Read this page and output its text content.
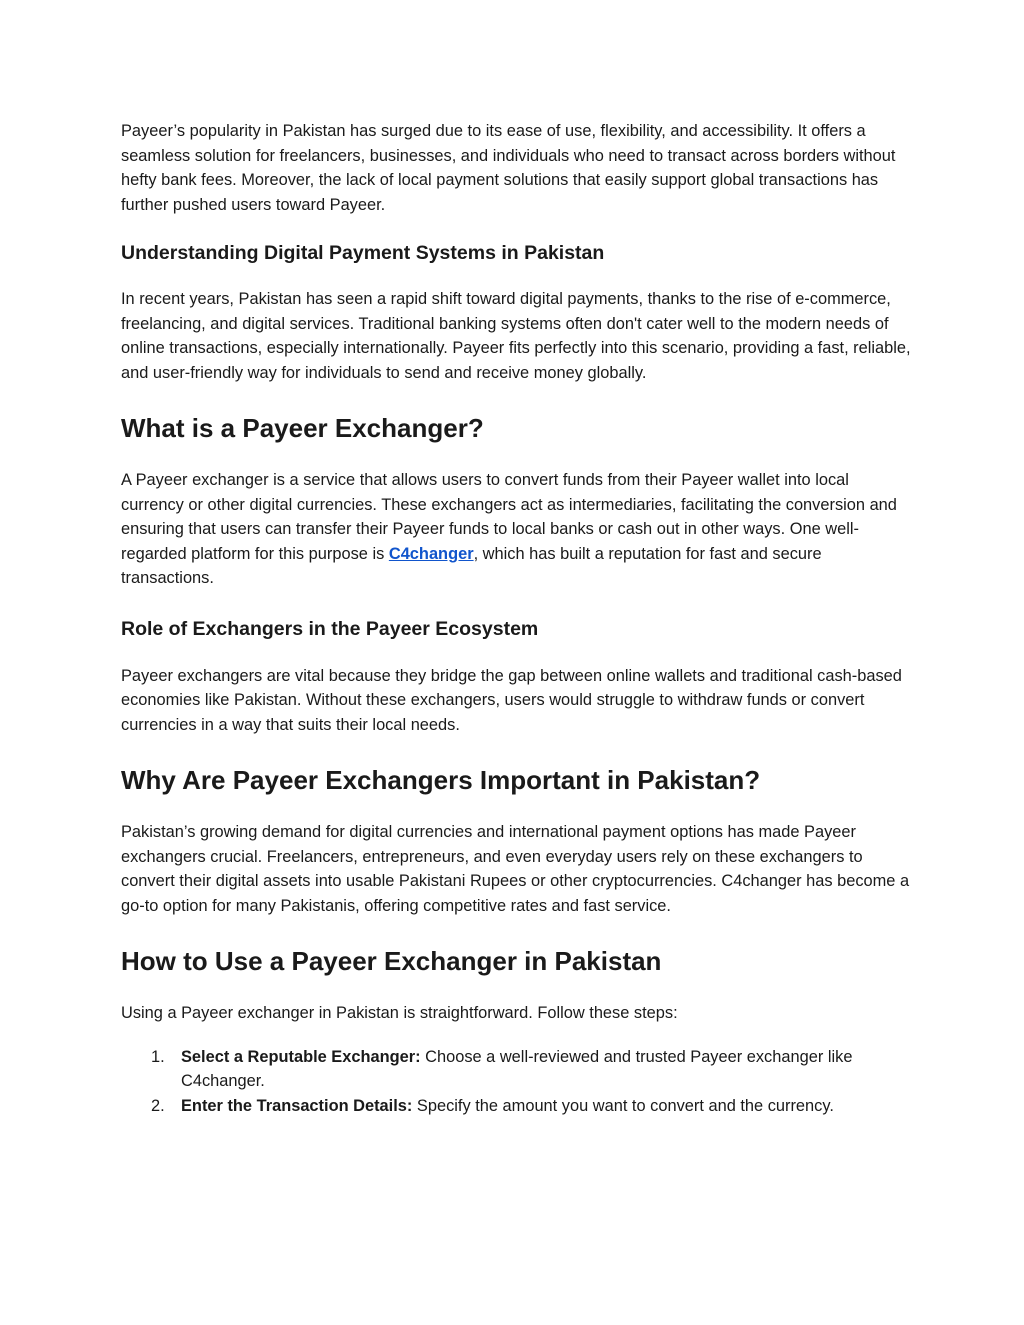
Payeer’s popularity in Pakistan has surged due to its ease of use, flexibility, and accessibility. It offers a seamless solution for freelancers, businesses, and individuals who need to transact across borders without hefty bank fees. Moreover, the lack of local payment solutions that easily support global transactions has further pushed users toward Payeer.

Understanding Digital Payment Systems in Pakistan

In recent years, Pakistan has seen a rapid shift toward digital payments, thanks to the rise of e-commerce, freelancing, and digital services. Traditional banking systems often don't cater well to the modern needs of online transactions, especially internationally. Payeer fits perfectly into this scenario, providing a fast, reliable, and user-friendly way for individuals to send and receive money globally.

What is a Payeer Exchanger?

A Payeer exchanger is a service that allows users to convert funds from their Payeer wallet into local currency or other digital currencies. These exchangers act as intermediaries, facilitating the conversion and ensuring that users can transfer their Payeer funds to local banks or cash out in other ways. One well-regarded platform for this purpose is C4changer, which has built a reputation for fast and secure transactions.

Role of Exchangers in the Payeer Ecosystem

Payeer exchangers are vital because they bridge the gap between online wallets and traditional cash-based economies like Pakistan. Without these exchangers, users would struggle to withdraw funds or convert currencies in a way that suits their local needs.

Why Are Payeer Exchangers Important in Pakistan?

Pakistan’s growing demand for digital currencies and international payment options has made Payeer exchangers crucial. Freelancers, entrepreneurs, and even everyday users rely on these exchangers to convert their digital assets into usable Pakistani Rupees or other cryptocurrencies. C4changer has become a go-to option for many Pakistanis, offering competitive rates and fast service.

How to Use a Payeer Exchanger in Pakistan

Using a Payeer exchanger in Pakistan is straightforward. Follow these steps:

1. Select a Reputable Exchanger: Choose a well-reviewed and trusted Payeer exchanger like C4changer.
2. Enter the Transaction Details: Specify the amount you want to convert and the currency.
